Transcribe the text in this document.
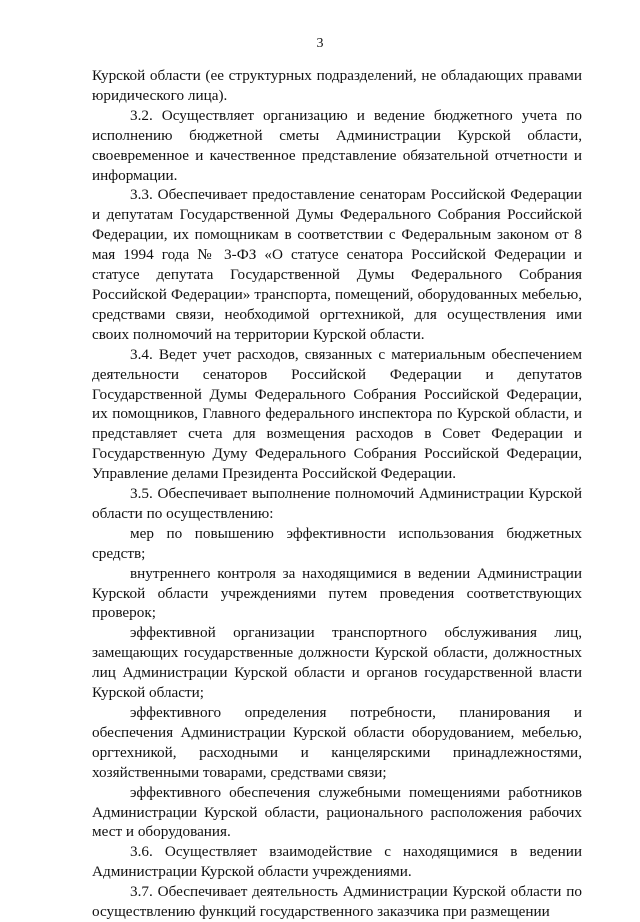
3

Курской области (ее структурных подразделений, не обладающих правами юридического лица).

3.2. Осуществляет организацию и ведение бюджетного учета по исполнению бюджетной сметы Администрации Курской области, своевременное и качественное представление обязательной отчетности и информации.

3.3. Обеспечивает предоставление сенаторам Российской Федерации и депутатам Государственной Думы Федерального Собрания Российской Федерации, их помощникам в соответствии с Федеральным законом от 8 мая 1994 года № 3-ФЗ «О статусе сенатора Российской Федерации и статусе депутата Государственной Думы Федерального Собрания Российской Федерации» транспорта, помещений, оборудованных мебелью, средствами связи, необходимой оргтехникой, для осуществления ими своих полномочий на территории Курской области.

3.4. Ведет учет расходов, связанных с материальным обеспечением деятельности сенаторов Российской Федерации и депутатов Государственной Думы Федерального Собрания Российской Федерации, их помощников, Главного федерального инспектора по Курской области, и представляет счета для возмещения расходов в Совет Федерации и Государственную Думу Федерального Собрания Российской Федерации, Управление делами Президента Российской Федерации.

3.5. Обеспечивает выполнение полномочий Администрации Курской области по осуществлению:

мер по повышению эффективности использования бюджетных средств;

внутреннего контроля за находящимися в ведении Администрации Курской области учреждениями путем проведения соответствующих проверок;

эффективной организации транспортного обслуживания лиц, замещающих государственные должности Курской области, должностных лиц Администрации Курской области и органов государственной власти Курской области;

эффективного определения потребности, планирования и обеспечения Администрации Курской области оборудованием, мебелью, оргтехникой, расходными и канцелярскими принадлежностями, хозяйственными товарами, средствами связи;

эффективного обеспечения служебными помещениями работников Администрации Курской области, рационального расположения рабочих мест и оборудования.

3.6. Осуществляет взаимодействие с находящимися в ведении Администрации Курской области учреждениями.

3.7. Обеспечивает деятельность Администрации Курской области по осуществлению функций государственного заказчика при размещении
